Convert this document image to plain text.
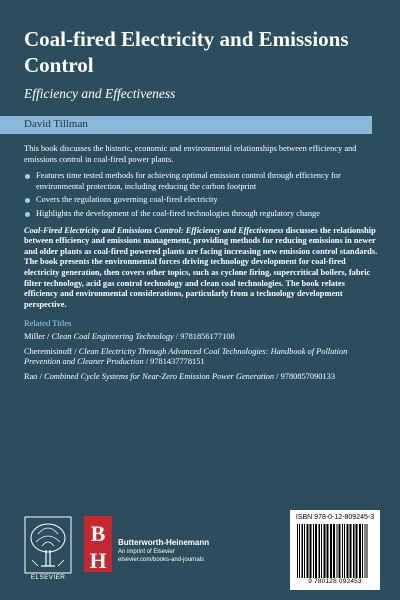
Coal-fired Electricity and Emissions Control
Efficiency and Effectiveness
David Tillman

This book discusses the historic, economic and environmental relationships between efficiency and emissions control in coal-fired power plants.

Features time tested methods for achieving optimal emission control through efficiency for environmental protection, including reducing the carbon footprint
Covers the regulations governing coal-fired electricity
Highlights the development of the coal-fired technologies through regulatory change

Coal-Fired Electricity and Emissions Control: Efficiency and Effectiveness discusses the relationship between efficiency and emissions management, providing methods for reducing emissions in newer and older plants as coal-fired powered plants are facing increasing new emission control standards. The book presents the environmental forces driving technology development for coal-fired electricity generation, then covers other topics, such as cyclone firing, supercritical boilers, fabric filter technology, acid gas control technology and clean coal technologies. The book relates efficiency and environmental considerations, particularly from a technology development perspective.

Related Titles
Miller / Clean Coal Engineering Technology / 9781856177108
Cheremisinoff / Clean Electricity Through Advanced Coal Technologies: Handbook of Pollution Prevention and Cleaner Production / 9781437778151
Rao / Combined Cycle Systems for Near-Zero Emission Power Generation / 9780857090133
ELSEVIER
B
H
Butterworth-Heinemann
An imprint of Elsevier
elsevier.com/books-and-journals
ISBN 978-0-12-809245-3
9 780128 092453
